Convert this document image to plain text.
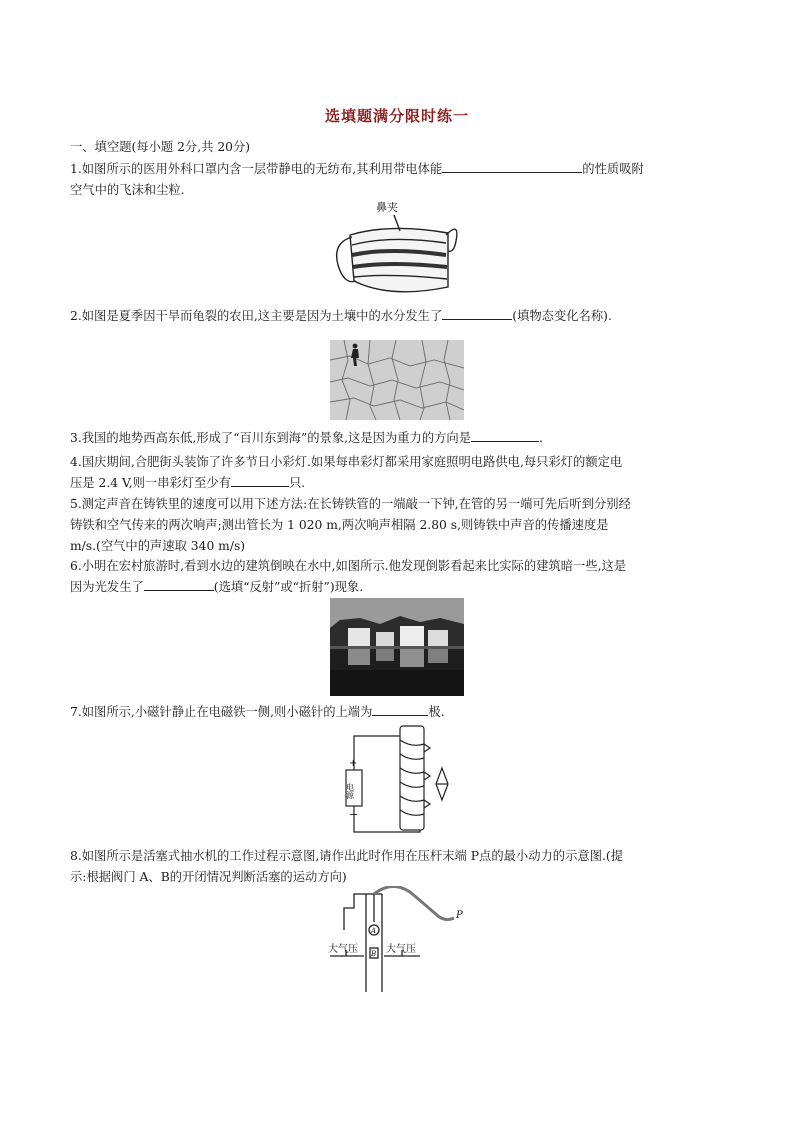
选填题满分限时练一
一、填空题(每小题 2分,共 20分)
1.如图所示的医用外科口罩内含一层带静电的无纺布,其利用带电体能	的性质吸附
空气中的飞沫和尘粒.
鼻夹
2.如图是夏季因干旱而龟裂的农田,这主要是因为土壤中的水分发生了	(填物态变化名称).
3.我国的地势西高东低,形成了“百川东到海”的景象,这是因为重力的方向是	.
4.国庆期间,合肥街头装饰了许多节日小彩灯.如果每串彩灯都采用家庭照明电路供电,每只彩灯的额定电
压是 2.4 V,则一串彩灯至少有	只.
5.测定声音在铸铁里的速度可以用下述方法:在长铸铁管的一端敲一下钟,在管的另一端可先后听到分别经
铸铁和空气传来的两次响声;测出管长为 1 020 m,两次响声相隔 2.80 s,则铸铁中声音的传播速度是
m/s.(空气中的声速取 340 m/s)
6.小明在宏村旅游时,看到水边的建筑倒映在水中,如图所示.他发现倒影看起来比实际的建筑暗一些,这是
因为光发生了	(选填“反射”或“折射”)现象.
7.如图所示,小磁针静止在电磁铁一侧,则小磁针的上端为	极.
+
−
电源
8.如图所示是活塞式抽水机的工作过程示意图,请作出此时作用在压杆末端 P点的最小动力的示意图.(提
示:根据阀门 A、B的开闭情况判断活塞的运动方向)
P
A
B
大气压	大气压
